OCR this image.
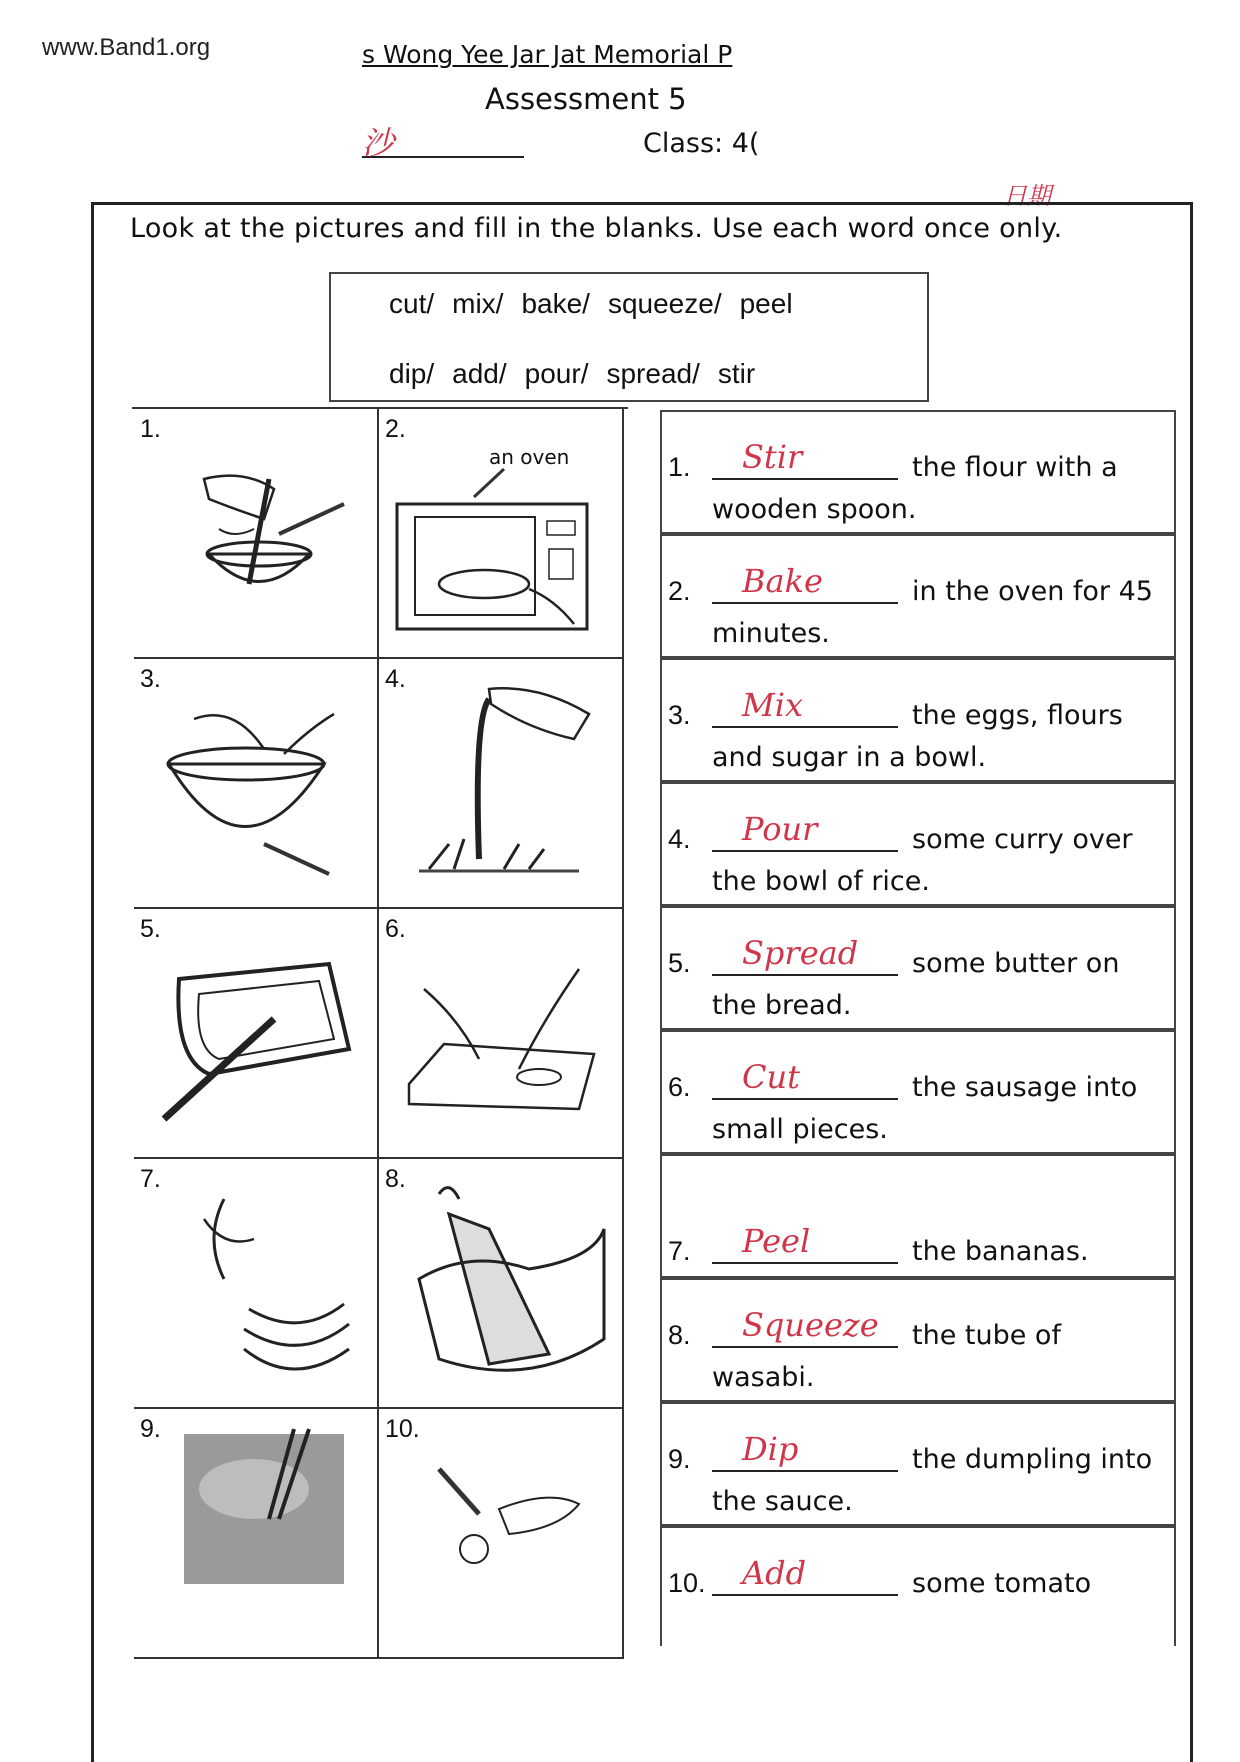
www.Band1.org	s Wong Yee Jar Jat Memorial P
Assessment 5
沙	Class: 4(
日期
Look at the pictures and fill in the blanks. Use each word once only.
cut/ mix/ bake/ squeeze/ peel
dip/ add/ pour/ spread/ stir
1.	2.
an oven
3.	4.
5.	6.
7.	8.
9.	10.
1. Stir	the flour with a
wooden spoon.
2. Bake	in the oven for 45
minutes.
3. Mix	the eggs, flours
and sugar in a bowl.
4. Pour	some curry over
the bowl of rice.
5. Spread some butter on
the bread.
6. Cut	the sausage into
small pieces.
7. Peel	the bananas.
8. Squeeze the tube of
wasabi.
9. Dip	the dumpling into
the sauce.
10. Add	some tomato
